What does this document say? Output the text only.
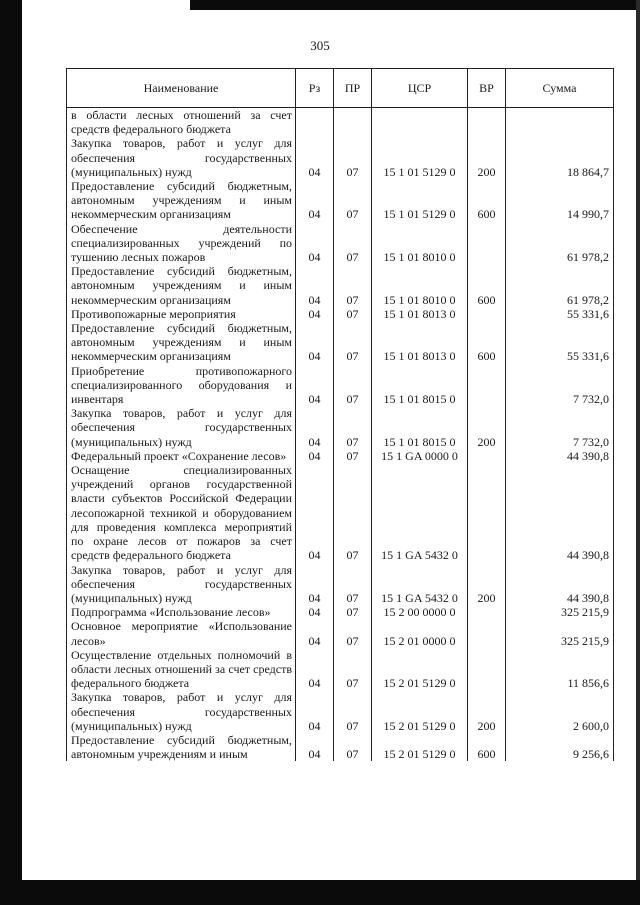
305
Наименование	Рз	ПР	ЦСР	ВР	Сумма
в области лесных отношений за счет средств федерального бюджета					
Закупка товаров, работ и услуг для обеспечения государственных (муниципальных) нужд	04	07	15 1 01 5129 0	200	18 864,7
Предоставление субсидий бюджетным, автономным учреждениям и иным некоммерческим организациям	04	07	15 1 01 5129 0	600	14 990,7
Обеспечение деятельности специализированных учреждений по тушению лесных пожаров	04	07	15 1 01 8010 0		61 978,2
Предоставление субсидий бюджетным, автономным учреждениям и иным некоммерческим организациям	04	07	15 1 01 8010 0	600	61 978,2
Противопожарные мероприятия	04	07	15 1 01 8013 0		55 331,6
Предоставление субсидий бюджетным, автономным учреждениям и иным некоммерческим организациям	04	07	15 1 01 8013 0	600	55 331,6
Приобретение противопожарного специализированного оборудования и инвентаря	04	07	15 1 01 8015 0		7 732,0
Закупка товаров, работ и услуг для обеспечения государственных (муниципальных) нужд	04	07	15 1 01 8015 0	200	7 732,0
Федеральный проект «Сохранение лесов»	04	07	15 1 GA 0000 0		44 390,8
Оснащение специализированных учреждений органов государственной власти субъектов Российской Федерации лесопожарной техникой и оборудованием для проведения комплекса мероприятий по охране лесов от пожаров за счет средств федерального бюджета	04	07	15 1 GA 5432 0		44 390,8
Закупка товаров, работ и услуг для обеспечения государственных (муниципальных) нужд	04	07	15 1 GA 5432 0	200	44 390,8
Подпрограмма «Использование лесов»	04	07	15 2 00 0000 0		325 215,9
Основное мероприятие «Использование лесов»	04	07	15 2 01 0000 0		325 215,9
Осуществление отдельных полномочий в области лесных отношений за счет средств федерального бюджета	04	07	15 2 01 5129 0		11 856,6
Закупка товаров, работ и услуг для обеспечения государственных (муниципальных) нужд	04	07	15 2 01 5129 0	200	2 600,0
Предоставление субсидий бюджетным, автономным учреждениям и иным	04	07	15 2 01 5129 0	600	9 256,6
